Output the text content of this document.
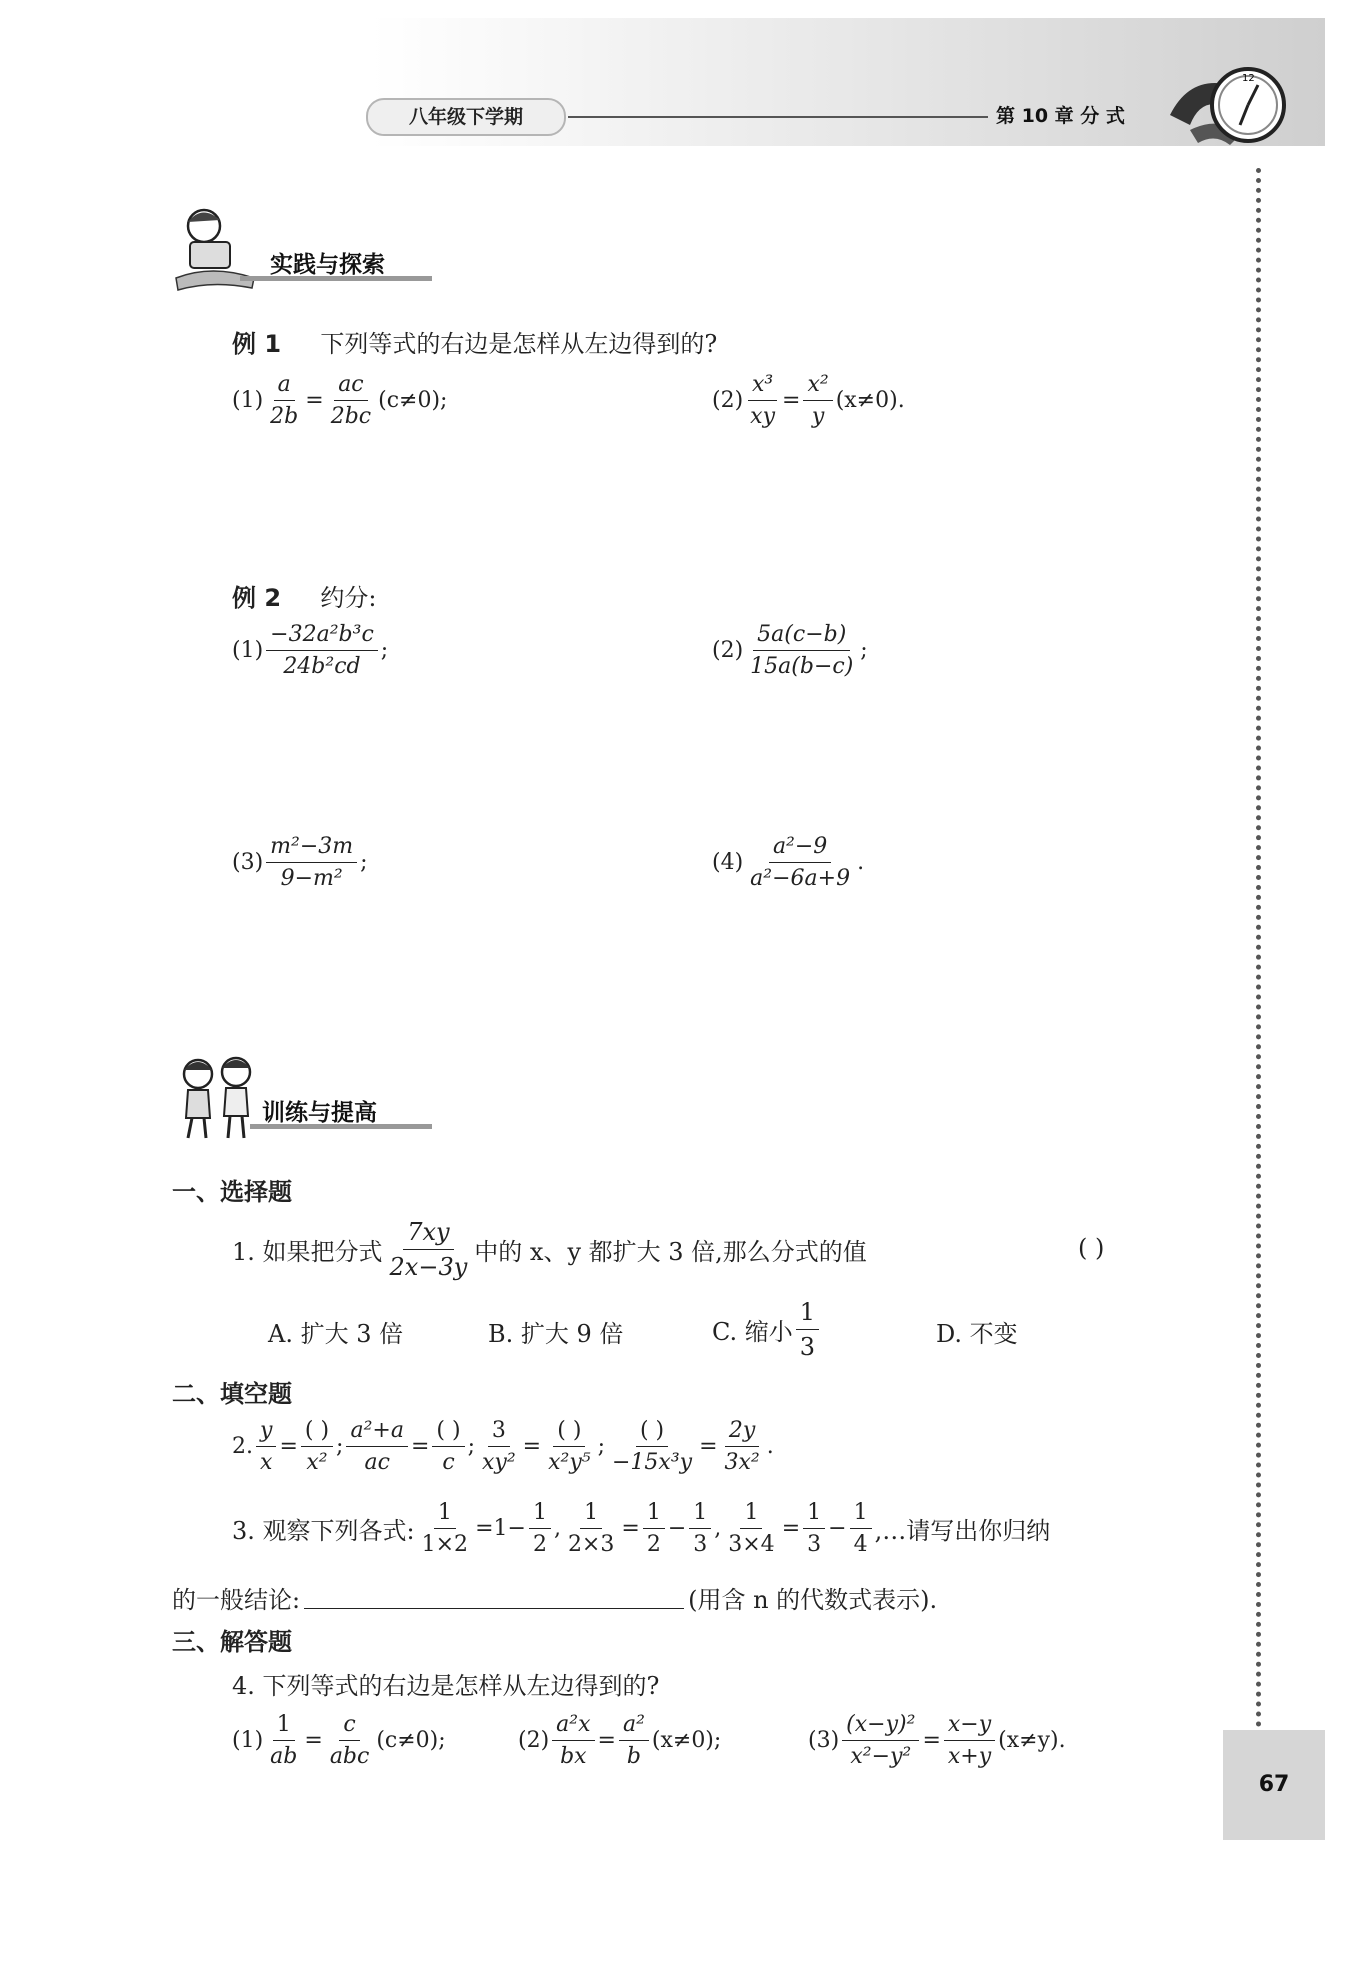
八年级下学期	第 10 章 分 式
12
67
实践与探索
例 1 下列等式的右边是怎样从左边得到的?
$(1) \frac{a}{2b} = \frac{ac}{2bc} (c\ne 0)$;	$(2) \frac{\text{x³}}{xy} = \frac{\text{x²}}{y} (x\ne 0)$.
例 2 约分:
$(1) \frac{\text{−32a²b³c}}{\text{24b²cd}}$ ;	$(2) \frac{5a(c-b)}{15a(b-c)}$ ;
$(3) \frac{\text{m²−3m}}{\text{9−m²}}$ ;	$(4) \frac{\text{a²−9}}{\text{a²−6a+9}}$ .
训练与提高
一、选择题
1. 如果把分式 $\frac{7xy}{2x-3y}$ 中的 x、y 都扩大 3 倍,那么分式的值	( )
A. 扩大 3 倍	B. 扩大 9 倍	C. 缩小 $\frac{1}{3}$	D. 不变
二、填空题
2. $\frac{y}{x} = \frac{( )}{\text{x²}}$ ; $\frac{\text{a²+a}}{ac} = \frac{( )}{c}$ ; $\frac{3}{\text{xy²}} = \frac{( )}{\text{x²y⁵}}$ ; $\frac{( )}{\text{−15x³y}} = \frac{2y}{\text{3x²}}$ .
3. 观察下列各式: $\frac{1}{1\times 2} =1- \frac{1}{2}$ , $\frac{1}{2\times 3} = \frac{1}{2} - \frac{1}{3}$ , $\frac{1}{3\times 4} = \frac{1}{3} - \frac{1}{4}$ ,…请写出你归纳
的一般结论:	(用含 n 的代数式表示).
三、解答题
4. 下列等式的右边是怎样从左边得到的?
$(1) \frac{1}{ab} = \frac{c}{\text{abc}} (c\ne 0)$;	$(2) \frac{\text{a²x}}{bx} = \frac{\text{a²}}{b} (x\ne 0)$;	$(3) \frac{\text{(x−y)²}}{\text{x²−y²}} = \frac{x-y}{x+y} (x\ne y)$.
